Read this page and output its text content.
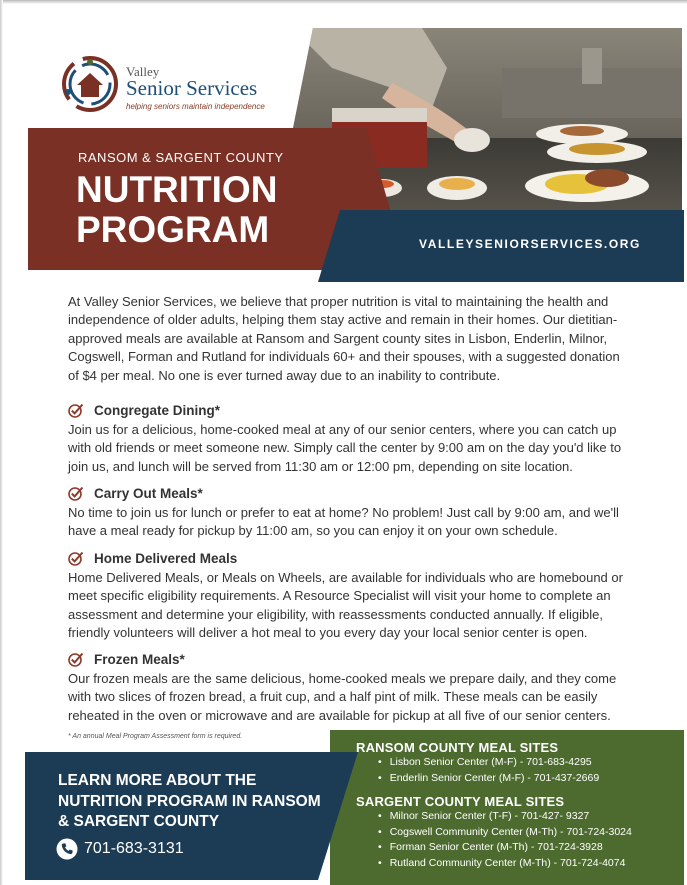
Valley
Senior Services
helping seniors maintain independence
RANSOM & SARGENT COUNTY
NUTRITION
PROGRAM	VALLEYSENIORSERVICES.ORG

At Valley Senior Services, we believe that proper nutrition is vital to maintaining the health and independence of older adults, helping them stay active and remain in their homes. Our dietitian-approved meals are available at Ransom and Sargent county sites in Lisbon, Enderlin, Milnor, Cogswell, Forman and Rutland for individuals 60+ and their spouses, with a suggested donation of $4 per meal. No one is ever turned away due to an inability to contribute.

Congregate Dining*

Join us for a delicious, home-cooked meal at any of our senior centers, where you can catch up with old friends or meet someone new. Simply call the center by 9:00 am on the day you'd like to join us, and lunch will be served from 11:30 am or 12:00 pm, depending on site location.

Carry Out Meals*

No time to join us for lunch or prefer to eat at home? No problem! Just call by 9:00 am, and we'll have a meal ready for pickup by 11:00 am, so you can enjoy it on your own schedule.

Home Delivered Meals

Home Delivered Meals, or Meals on Wheels, are available for individuals who are homebound or meet specific eligibility requirements. A Resource Specialist will visit your home to complete an assessment and determine your eligibility, with reassessments conducted annually. If eligible, friendly volunteers will deliver a hot meal to you every day your local senior center is open.

Frozen Meals*

Our frozen meals are the same delicious, home-cooked meals we prepare daily, and they come with two slices of frozen bread, a fruit cup, and a half pint of milk. These meals can be easily reheated in the oven or microwave and are available for pickup at all five of our senior centers.

* An annual Meal Program Assessment form is required.
LEARN MORE ABOUT THE NUTRITION PROGRAM IN RANSOM & SARGENT COUNTY
701-683-3131
RANSOM COUNTY MEAL SITES
• Lisbon Senior Center (M-F) - 701-683-4295
• Enderlin Senior Center (M-F) - 701-437-2669
SARGENT COUNTY MEAL SITES
• Milnor Senior Center (T-F) - 701-427- 9327
• Cogswell Community Center (M-Th) - 701-724-3024
• Forman Senior Center (M-Th) - 701-724-3928
• Rutland Community Center (M-Th) - 701-724-4074
